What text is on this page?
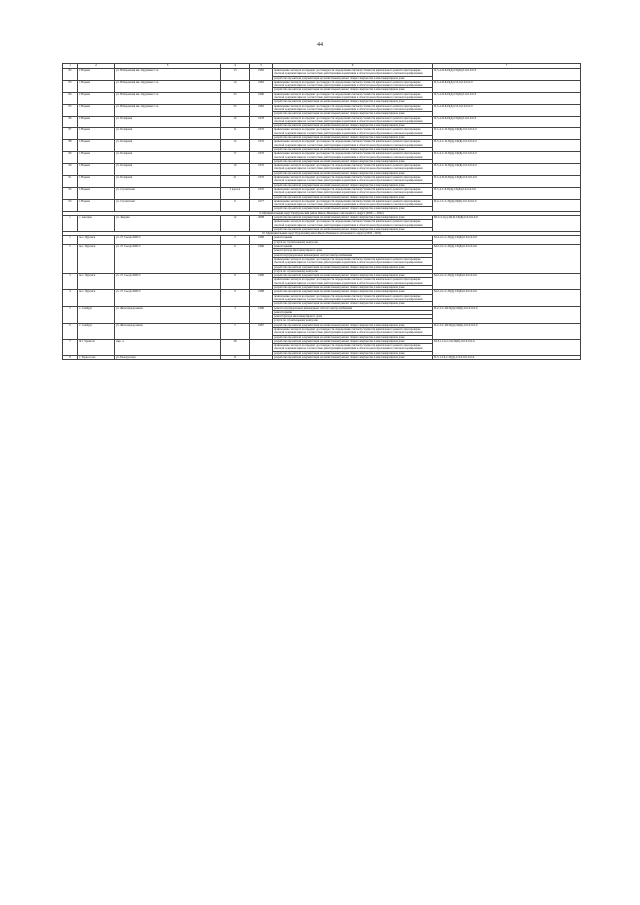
44
1	2	3	4	5	6	7
82	г. Надым	ул. Набережная им. Оруджева С.А.	13	1982	привлечение эксперта на предмет достоверности определения сметной стоимости капитального ремонта при проверке сметной документации на соответствие действующим нормативам в области ценообразования в сметном нормировании	П-5-4-П-8-П(Д)-СК(Б)-0-0-0-0-0-0
					разработка проектной документации на капитальный ремонт общего имущества в многоквартирном доме	
83	г. Надым	ул. Набережная им. Оруджева С.А.	14	1982	привлечение эксперта на предмет достоверности определения сметной стоимости капитального ремонта при проверке сметной документации на соответствие действующим нормативам в области ценообразования в сметном нормировании	П-5-4-П-8-П(Д)-СЛ-0-0-0-0-0-0
					разработка проектной документации на капитальный ремонт общего имущества в многоквартирном доме	
84	г. Надым	ул. Набережная им. Оруджева С.А.	23	1980	привлечение эксперта на предмет достоверности определения сметной стоимости капитального ремонта при проверке сметной документации на соответствие действующим нормативам в области ценообразования в сметном нормировании	П-5-4-П-8-П(Д)-СК(Б)-0-0-0-0-0-0
					разработка проектной документации на капитальный ремонт общего имущества в многоквартирном доме	
85	г. Надым	ул. Набережная им. Оруджева С.А.	25	1982	привлечение эксперта на предмет достоверности определения сметной стоимости капитального ремонта при проверке сметной документации на соответствие действующим нормативам в области ценообразования в сметном нормировании	П-5-4-П-8-П(Д)-СЛ-0-0-0-0-0-0
					разработка проектной документации на капитальный ремонт общего имущества в многоквартирном доме	
86	г. Надым	ул. Полярная	10	1978	привлечение эксперта на предмет достоверности определения сметной стоимости капитального ремонта при проверке сметной документации на соответствие действующим нормативам в области ценообразования в сметном нормировании	П-5-4-П-8-П(Д)-СК(Б)-0-0-0-0-0-0
					разработка проектной документации на капитальный ремонт общего имущества в многоквартирном доме	
87	г. Надым	ул. Полярная	11	1979	привлечение эксперта на предмет достоверности определения сметной стоимости капитального ремонта при проверке сметной документации на соответствие действующим нормативам в области ценообразования в сметном нормировании	П-5-4-С-П-П(Д)-СК(Б)-0-0-0-0-0-0
					разработка проектной документации на капитальный ремонт общего имущества в многоквартирном доме	
88	г. Надым	ул. Полярная	12	1979	привлечение эксперта на предмет достоверности определения сметной стоимости капитального ремонта при проверке сметной документации на соответствие действующим нормативам в области ценообразования в сметном нормировании	П-5-4-С-П-П(Д)-СК(Б)-0-0-0-0-0-0
					разработка проектной документации на капитальный ремонт общего имущества в многоквартирном доме	
89	г. Надым	ул. Полярная	17	1979	привлечение эксперта на предмет достоверности определения сметной стоимости капитального ремонта при проверке сметной документации на соответствие действующим нормативам в области ценообразования в сметном нормировании	П-5-4-С-П-П(Д)-СК(Б)-0-0-0-0-0-0
					разработка проектной документации на капитальный ремонт общего имущества в многоквартирном доме	
90	г. Надым	ул. Полярная	19	1979	привлечение эксперта на предмет достоверности определения сметной стоимости капитального ремонта при проверке сметной документации на соответствие действующим нормативам в области ценообразования в сметном нормировании	П-5-4-С-П-П(Д)-СК(Б)-0-0-0-0-0-0
					разработка проектной документации на капитальный ремонт общего имущества в многоквартирном доме	
91	г. Надым	ул. Полярная	21	1979	привлечение эксперта на предмет достоверности определения сметной стоимости капитального ремонта при проверке сметной документации на соответствие действующим нормативам в области ценообразования в сметном нормировании	П-5-4-П-П-П(Д)-СК(Б)-0-0-0-0-0-0
					разработка проектной документации на капитальный ремонт общего имущества в многоквартирном доме	
92	г. Надым	ул. Строителей	2 корп.А	1976	привлечение эксперта на предмет достоверности определения сметной стоимости капитального ремонта при проверке сметной документации на соответствие действующим нормативам в области ценообразования в сметном нормировании	П-5-4-С-8-П(Д)-СК(Б)-0-0-0-0-0-0
					разработка проектной документации на капитальный ремонт общего имущества в многоквартирном доме	
93	г. Надым	ул. Строителей	6	1977	привлечение эксперта на предмет достоверности определения сметной стоимости капитального ремонта при проверке сметной документации на соответствие действующим нормативам в области ценообразования в сметном нормировании	П-4-1-С-С-П(Д)-СК(Б)-0-0-0-0-0-0
					разработка проектной документации на капитальный ремонт общего имущества в многоквартирном доме	
9. Муниципальный округ Приуральский район Ямало-Ненецкого автономного округа (2026 — 2022)						
1	с. Аксарка	ул. Зверева	12	2008	разработка проектной документации на капитальный ремонт общего имущества в многоквартирном доме	Ш-3-3-С(о)-Ш-П-СК(Б)-0-0-0-0-0-0
					привлечение эксперта на предмет достоверности определения сметной стоимости капитального ремонта при проверке сметной документации на соответствие действующим нормативам в области ценообразования в сметном нормировании	
					разработка проектной документации на капитальный ремонт общего имущества в многоквартирном доме	
10. Муниципальный округ Пуровский район Ямало-Ненецкого автономного округа (2026 - 2022)						
1	пос. Пуровск	ул. 27 Съезда КПСС	2	1986	ремонт крыши	М-2-2-С-С-П(Д)-СК(Б)-0-0-0-0-0-0
					услуги по строительному контролю	
2	пос. Пуровск	ул. 27 Съезда КПСС	6	1986	ремонт крыши	М-2-2-С-С-П(Д)-СК(Б)-0-0-0-0-0-0
					ремонт фасада многоквартирного дома	
					ремонт внутридомовых инженерных систем электроснабжения	
					привлечение эксперта на предмет достоверности определения сметной стоимости капитального ремонта при проверке сметной документации на соответствие действующим нормативам в области ценообразования в сметном нормировании	
					разработка проектной документации на капитальный ремонт общего имущества в многоквартирном доме	
					услуги по строительному контролю	
3	пос. Пуровск	ул. 27 Съезда КПСС	8	1986	разработка проектной документации на капитальный ремонт общего имущества в многоквартирном доме	М-2-2-С-С-П(Д)-СК(Б)-0-0-0-0-0-0
					привлечение эксперта на предмет достоверности определения сметной стоимости капитального ремонта при проверке сметной документации на соответствие действующим нормативам в области ценообразования в сметном нормировании	
					разработка проектной документации на капитальный ремонт общего имущества в многоквартирном доме	
4	пос. Пуровск	ул. 27 Съезда КПСС	9	1988	разработка проектной документации на капитальный ремонт общего имущества в многоквартирном доме	М-2-2-С-С-П(Д)-СК(Б)-0-0-0-0-0-0
					привлечение эксперта на предмет достоверности определения сметной стоимости капитального ремонта при проверке сметной документации на соответствие действующим нормативам в области ценообразования в сметном нормировании	
					разработка проектной документации на капитальный ремонт общего имущества в многоквартирном доме	
5	с. Самбург	ул. Железнодорожная	3	1986	ремонт внутридомовых инженерных систем электроснабжения	П-2-3-С-Ш-П(Д)-СК(Б)-0-0-0-0-0-0
					ремонт крыши	
					ремонт фасада многоквартирного дома	
					услуги по строительному контролю	
6	с. Самбург	ул. Железнодорожная	5	1987	разработка проектной документации на капитальный ремонт общего имущества в многоквартирном доме	П-2-3-С-Ш-П(Д)-СК(Б)-0-0-0-0-0-0
					привлечение эксперта на предмет достоверности определения сметной стоимости капитального ремонта при проверке сметной документации на соответствие действующим нормативам в области ценообразования в сметном нормировании	
					разработка проектной документации на капитальный ремонт общего имущества в многоквартирном доме	
7	пгт. Уренгой	мкр. 4	28		разработка проектной документации на капитальный ремонт общего имущества в многоквартирном доме	М-3-1-Св-С-П-СК(Б)-0-0-0-0-0-0
					привлечение эксперта на предмет достоверности определения сметной стоимости капитального ремонта при проверке сметной документации на соответствие действующим нормативам в области ценообразования в сметном нормировании	
					разработка проектной документации на капитальный ремонт общего имущества в многоквартирном доме	
8	г. Тарко-Сале	ул. Белорусская	11		разработка проектной документации на капитальный ремонт общего имущества в многоквартирном доме	П-3-1-Св-С-П(Д)-СЛ-0-0-0-0-0-0
